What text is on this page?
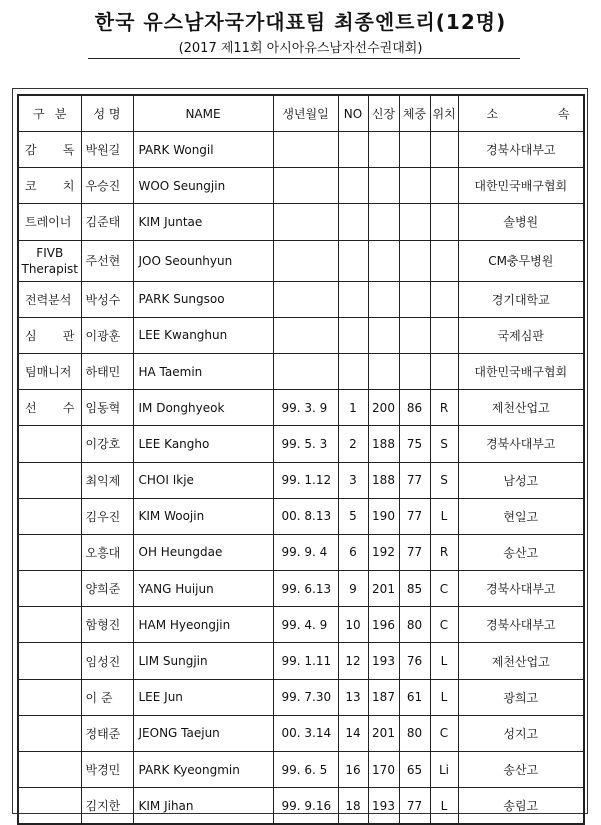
한국 유스남자국가대표팀 최종엔트리(12명)
(2017 제11회 아시아유스남자선수권대회)
구 분	성 명	NAME	생년월일	NO	신장	체중	위치	소 속
감 독	박원길	PARK Wongil						경북사대부고
코 치	우승진	WOO Seungjin						대한민국배구협회
트레이너	김준태	KIM Juntae						솔병원
FIVB Therapist	주선현	JOO Seounhyun						CM충무병원
전력분석	박성수	PARK Sungsoo						경기대학교
심 판	이광훈	LEE Kwanghun						국제심판
팀매니저	하태민	HA Taemin						대한민국배구협회
선 수	임동혁	IM Donghyeok	99. 3. 9	1	200	86	R	제천산업고
	이강호	LEE Kangho	99. 5. 3	2	188	75	S	경북사대부고
	최익제	CHOI Ikje	99. 1.12	3	188	77	S	남성고
	김우진	KIM Woojin	00. 8.13	5	190	77	L	현일고
	오흥대	OH Heungdae	99. 9. 4	6	192	77	R	송산고
	양희준	YANG Huijun	99. 6.13	9	201	85	C	경북사대부고
	함형진	HAM Hyeongjin	99. 4. 9	10	196	80	C	경북사대부고
	임성진	LIM Sungjin	99. 1.11	12	193	76	L	제천산업고
	이 준	LEE Jun	99. 7.30	13	187	61	L	광희고
	정태준	JEONG Taejun	00. 3.14	14	201	80	C	성지고
	박경민	PARK Kyeongmin	99. 6. 5	16	170	65	Li	송산고
	김지한	KIM Jihan	99. 9.16	18	193	77	L	송림고
